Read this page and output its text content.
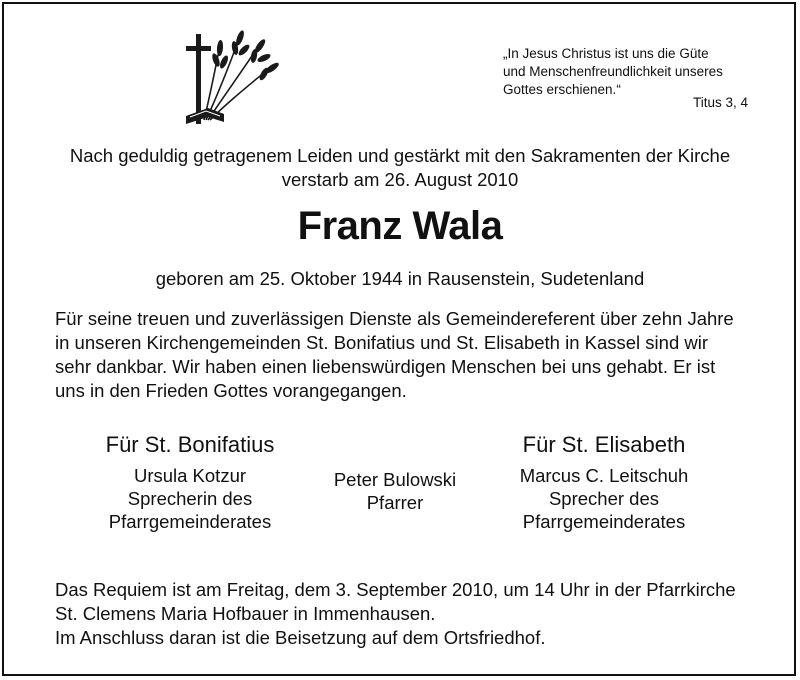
„In Jesus Christus ist uns die Güte

und Menschenfreundlichkeit unseres

Gottes erschienen.“

Titus 3, 4

Nach geduldig getragenem Leiden und gestärkt mit den Sakramenten der Kirche

verstarb am 26. August 2010

Franz Wala
geboren am 25. Oktober 1944 in Rausenstein, Sudetenland

Für seine treuen und zuverlässigen Dienste als Gemeindereferent über zehn Jahre

in unseren Kirchengemeinden St. Bonifatius und St. Elisabeth in Kassel sind wir

sehr dankbar. Wir haben einen liebenswürdigen Menschen bei uns gehabt. Er ist

uns in den Frieden Gottes vorangegangen.

Für St. Bonifatius

Ursula Kotzur

Sprecherin des

Pfarrgemeinderates

Peter Bulowski

Pfarrer

Für St. Elisabeth

Marcus C. Leitschuh

Sprecher des

Pfarrgemeinderates

Das Requiem ist am Freitag, dem 3. September 2010, um 14 Uhr in der Pfarrkirche

St. Clemens Maria Hofbauer in Immenhausen.

Im Anschluss daran ist die Beisetzung auf dem Ortsfriedhof.
